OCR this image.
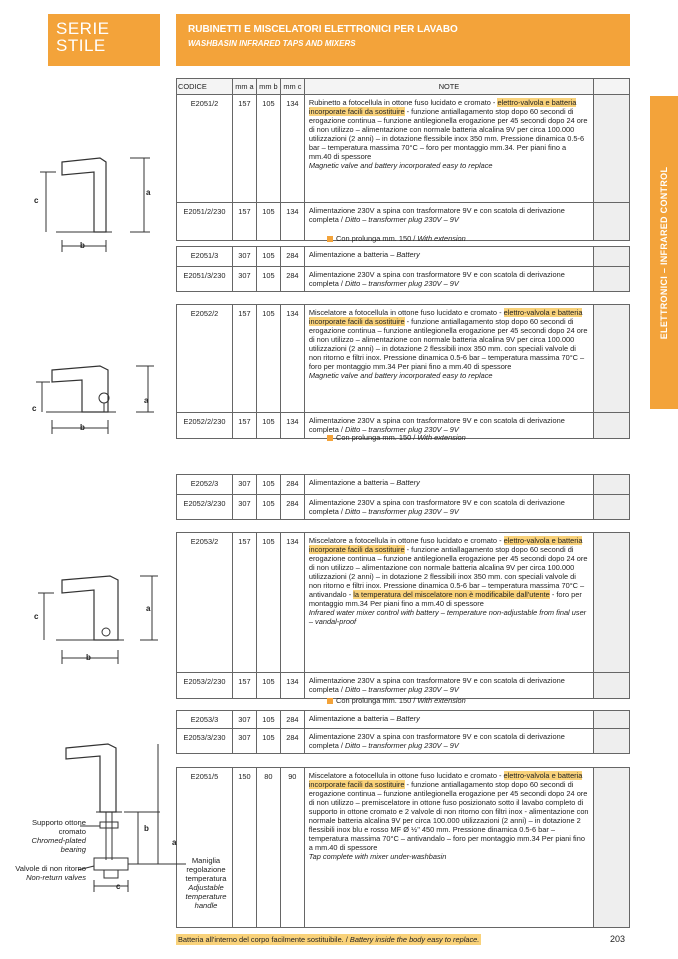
SERIE STILE
RUBINETTI E MISCELATORI ELETTRONICI PER LAVABO
WASHBASIN INFRARED TAPS AND MIXERS
ELETTRONICI – INFRARED CONTROL
CODICE	mm a	mm b	mm c	NOTE	
E2051/2	157	105	134	Rubinetto a fotocellula in ottone fuso lucidato e cromato - elettro-valvola e batteria incorporate facili da sostituire - funzione antiallagamento stop dopo 60 secondi di erogazione continua – funzione antilegionella erogazione per 45 secondi dopo 24 ore di non utilizzo – alimentazione con normale batteria alcalina 9V per circa 100.000 utilizzazioni (2 anni) – in dotazione flessibile inox 350 mm. Pressione dinamica 0.5-6 bar – temperatura massima 70°C – foro per montaggio mm.34. Per piani fino a mm.40 di spessore
Magnetic valve and battery incorporated easy to replace	

E2051/2/230	157	105	134	Alimentazione 230V a spina con trasformatore 9V e con scatola di derivazione completa / Ditto – transformer plug 230V – 9V	
E2051/3	307	105	284	Alimentazione a batteria – Battery	
E2051/3/230	307	105	284	Alimentazione 230V a spina con trasformatore 9V e con scatola di derivazione completa / Ditto – transformer plug 230V – 9V	
E2052/2	157	105	134	Miscelatore a fotocellula in ottone fuso lucidato e cromato - elettro-valvola e batteria incorporate facili da sostituire - funzione antiallagamento stop dopo 60 secondi di erogazione continua – funzione antilegionella erogazione per 45 secondi dopo 24 ore di non utilizzo – alimentazione con normale batteria alcalina 9V per circa 100.000 utilizzazioni (2 anni) – in dotazione 2 flessibili inox 350 mm. con speciali valvole di non ritorno e filtri inox. Pressione dinamica 0.5-6 bar – temperatura massima 70°C – foro per montaggio mm.34 Per piani fino a mm.40 di spessore
Magnetic valve and battery incorporated easy to replace	

E2052/2/230	157	105	134	Alimentazione 230V a spina con trasformatore 9V e con scatola di derivazione completa / Ditto – transformer plug 230V – 9V	
E2052/3	307	105	284	Alimentazione a batteria – Battery	
E2052/3/230	307	105	284	Alimentazione 230V a spina con trasformatore 9V e con scatola di derivazione completa / Ditto – transformer plug 230V – 9V	
E2053/2	157	105	134	Miscelatore a fotocellula in ottone fuso lucidato e cromato - elettro-valvola e batteria incorporate facili da sostituire - funzione antiallagamento stop dopo 60 secondi di erogazione continua – funzione antilegionella erogazione per 45 secondi dopo 24 ore di non utilizzo – alimentazione con normale batteria alcalina 9V per circa 100.000 utilizzazioni (2 anni) – in dotazione 2 flessibili inox 350 mm. con speciali valvole di non ritorno e filtri inox. Pressione dinamica 0.5-6 bar – temperatura massima 70°C – antivandalo - la temperatura del miscelatore non è modificabile dall'utente - foro per montaggio mm.34 Per piani fino a mm.40 di spessore
Infrared water mixer control with battery – temperature non-adjustable from final user – vandal-proof	

E2053/2/230	157	105	134	Alimentazione 230V a spina con trasformatore 9V e con scatola di derivazione completa / Ditto – transformer plug 230V – 9V	
E2053/3	307	105	284	Alimentazione a batteria – Battery	
E2053/3/230	307	105	284	Alimentazione 230V a spina con trasformatore 9V e con scatola di derivazione completa / Ditto – transformer plug 230V – 9V	
E2051/5	150	80	90	Miscelatore a fotocellula in ottone fuso lucidato e cromato - elettro-valvola e batteria incorporate facili da sostituire - funzione antiallagamento stop dopo 60 secondi di erogazione continua – funzione antilegionella erogazione per 45 secondi dopo 24 ore di non utilizzo – premiscelatore in ottone fuso posizionato sotto il lavabo completo di supporto in ottone cromato e 2 valvole di non ritorno con filtri inox - alimentazione con normale batteria alcalina 9V per circa 100.000 utilizzazioni (2 anni) – in dotazione 2 flessibili inox blu e rosso MF Ø ½" 450 mm. Pressione dinamica 0.5-6 bar – temperatura massima 70°C – antivandalo – foro per montaggio mm.34 Per piani fino a mm.40 di spessore
Tap complete with mixer under-washbasin

Con prolunga mm. 150 / With extension
Con prolunga mm. 150 / With extension
Con prolunga mm. 150 / With extension
a
c
b
a
c
b
a
c
b
a
b
c
Supporto ottone cromato
Chromed-plated bearing
Valvole di non ritorno
Non-return valves
Maniglia regolazione temperatura
Adjustable temperature handle
Batteria all'interno del corpo facilmente sostituibile. / Battery inside the body easy to replace.	203
